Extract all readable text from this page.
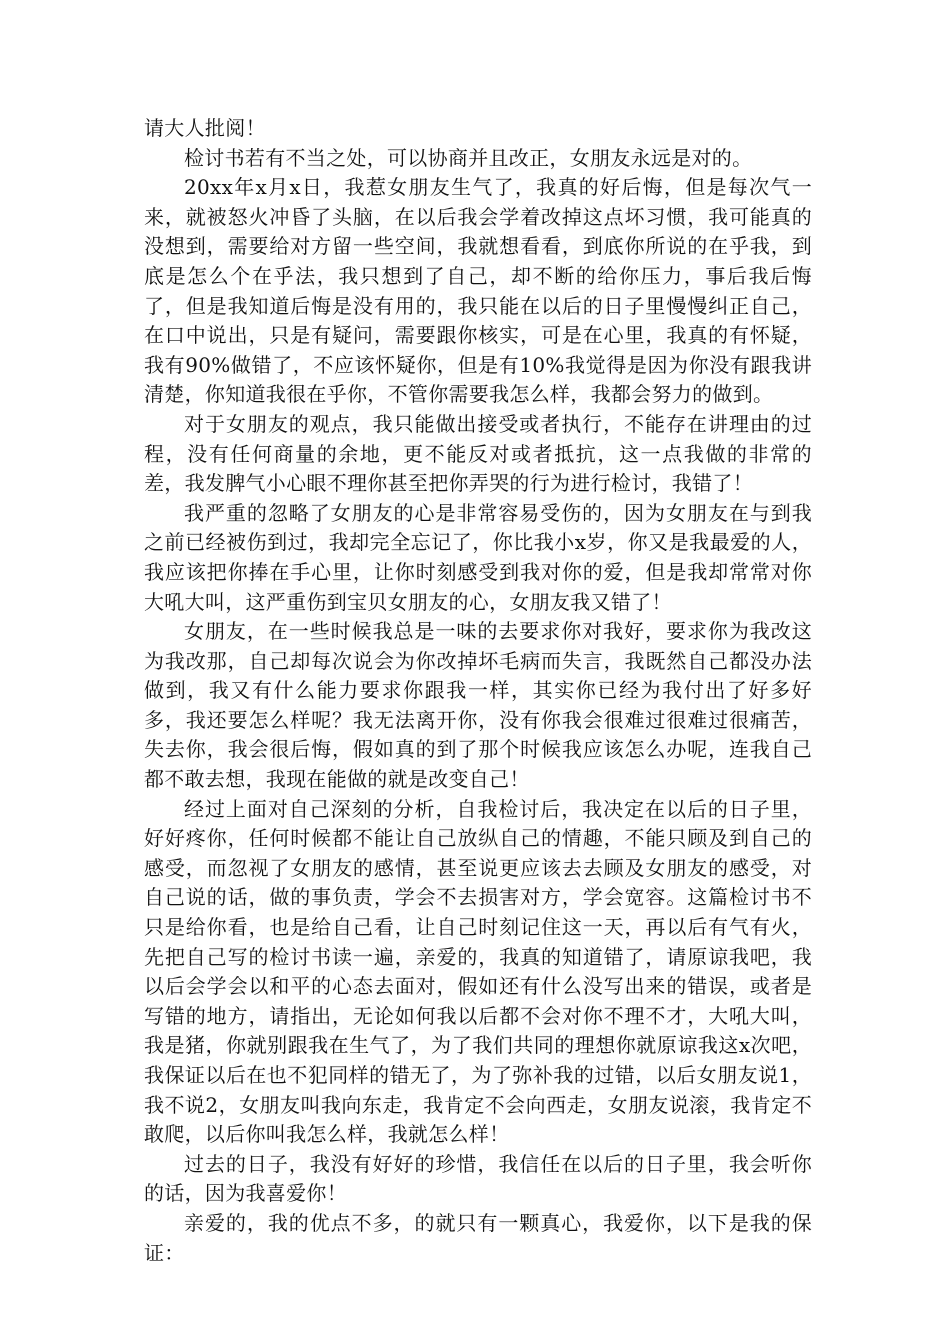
请大人批阅！

检讨书若有不当之处，可以协商并且改正，女朋友永远是对的。

20xx年x月x日，我惹女朋友生气了，我真的好后悔，但是每次气一来，就被怒火冲昏了头脑，在以后我会学着改掉这点坏习惯，我可能真的没想到，需要给对方留一些空间，我就想看看，到底你所说的在乎我，到底是怎么个在乎法，我只想到了自己，却不断的给你压力，事后我后悔了，但是我知道后悔是没有用的，我只能在以后的日子里慢慢纠正自己，在口中说出，只是有疑问，需要跟你核实，可是在心里，我真的有怀疑，我有90%做错了，不应该怀疑你，但是有10%我觉得是因为你没有跟我讲清楚，你知道我很在乎你，不管你需要我怎么样，我都会努力的做到。

对于女朋友的观点，我只能做出接受或者执行，不能存在讲理由的过程，没有任何商量的余地，更不能反对或者抵抗，这一点我做的非常的差，我发脾气小心眼不理你甚至把你弄哭的行为进行检讨，我错了！

我严重的忽略了女朋友的心是非常容易受伤的，因为女朋友在与到我之前已经被伤到过，我却完全忘记了，你比我小x岁，你又是我最爱的人，我应该把你捧在手心里，让你时刻感受到我对你的爱，但是我却常常对你大吼大叫，这严重伤到宝贝女朋友的心，女朋友我又错了！

女朋友，在一些时候我总是一味的去要求你对我好，要求你为我改这为我改那，自己却每次说会为你改掉坏毛病而失言，我既然自己都没办法做到，我又有什么能力要求你跟我一样，其实你已经为我付出了好多好多，我还要怎么样呢？我无法离开你，没有你我会很难过很难过很痛苦，失去你，我会很后悔，假如真的到了那个时候我应该怎么办呢，连我自己都不敢去想，我现在能做的就是改变自己！

经过上面对自己深刻的分析，自我检讨后，我决定在以后的日子里，好好疼你，任何时候都不能让自己放纵自己的情趣，不能只顾及到自己的感受，而忽视了女朋友的感情，甚至说更应该去去顾及女朋友的感受，对自己说的话，做的事负责，学会不去损害对方，学会宽容。这篇检讨书不只是给你看，也是给自己看，让自己时刻记住这一天，再以后有气有火，先把自己写的检讨书读一遍，亲爱的，我真的知道错了，请原谅我吧，我以后会学会以和平的心态去面对，假如还有什么没写出来的错误，或者是写错的地方，请指出，无论如何我以后都不会对你不理不才，大吼大叫，我是猪，你就别跟我在生气了，为了我们共同的理想你就原谅我这x次吧，我保证以后在也不犯同样的错无了，为了弥补我的过错，以后女朋友说1，我不说2，女朋友叫我向东走，我肯定不会向西走，女朋友说滚，我肯定不敢爬，以后你叫我怎么样，我就怎么样！

过去的日子，我没有好好的珍惜，我信任在以后的日子里，我会听你的话，因为我喜爱你！

亲爱的，我的优点不多，的就只有一颗真心，我爱你，以下是我的保证：
